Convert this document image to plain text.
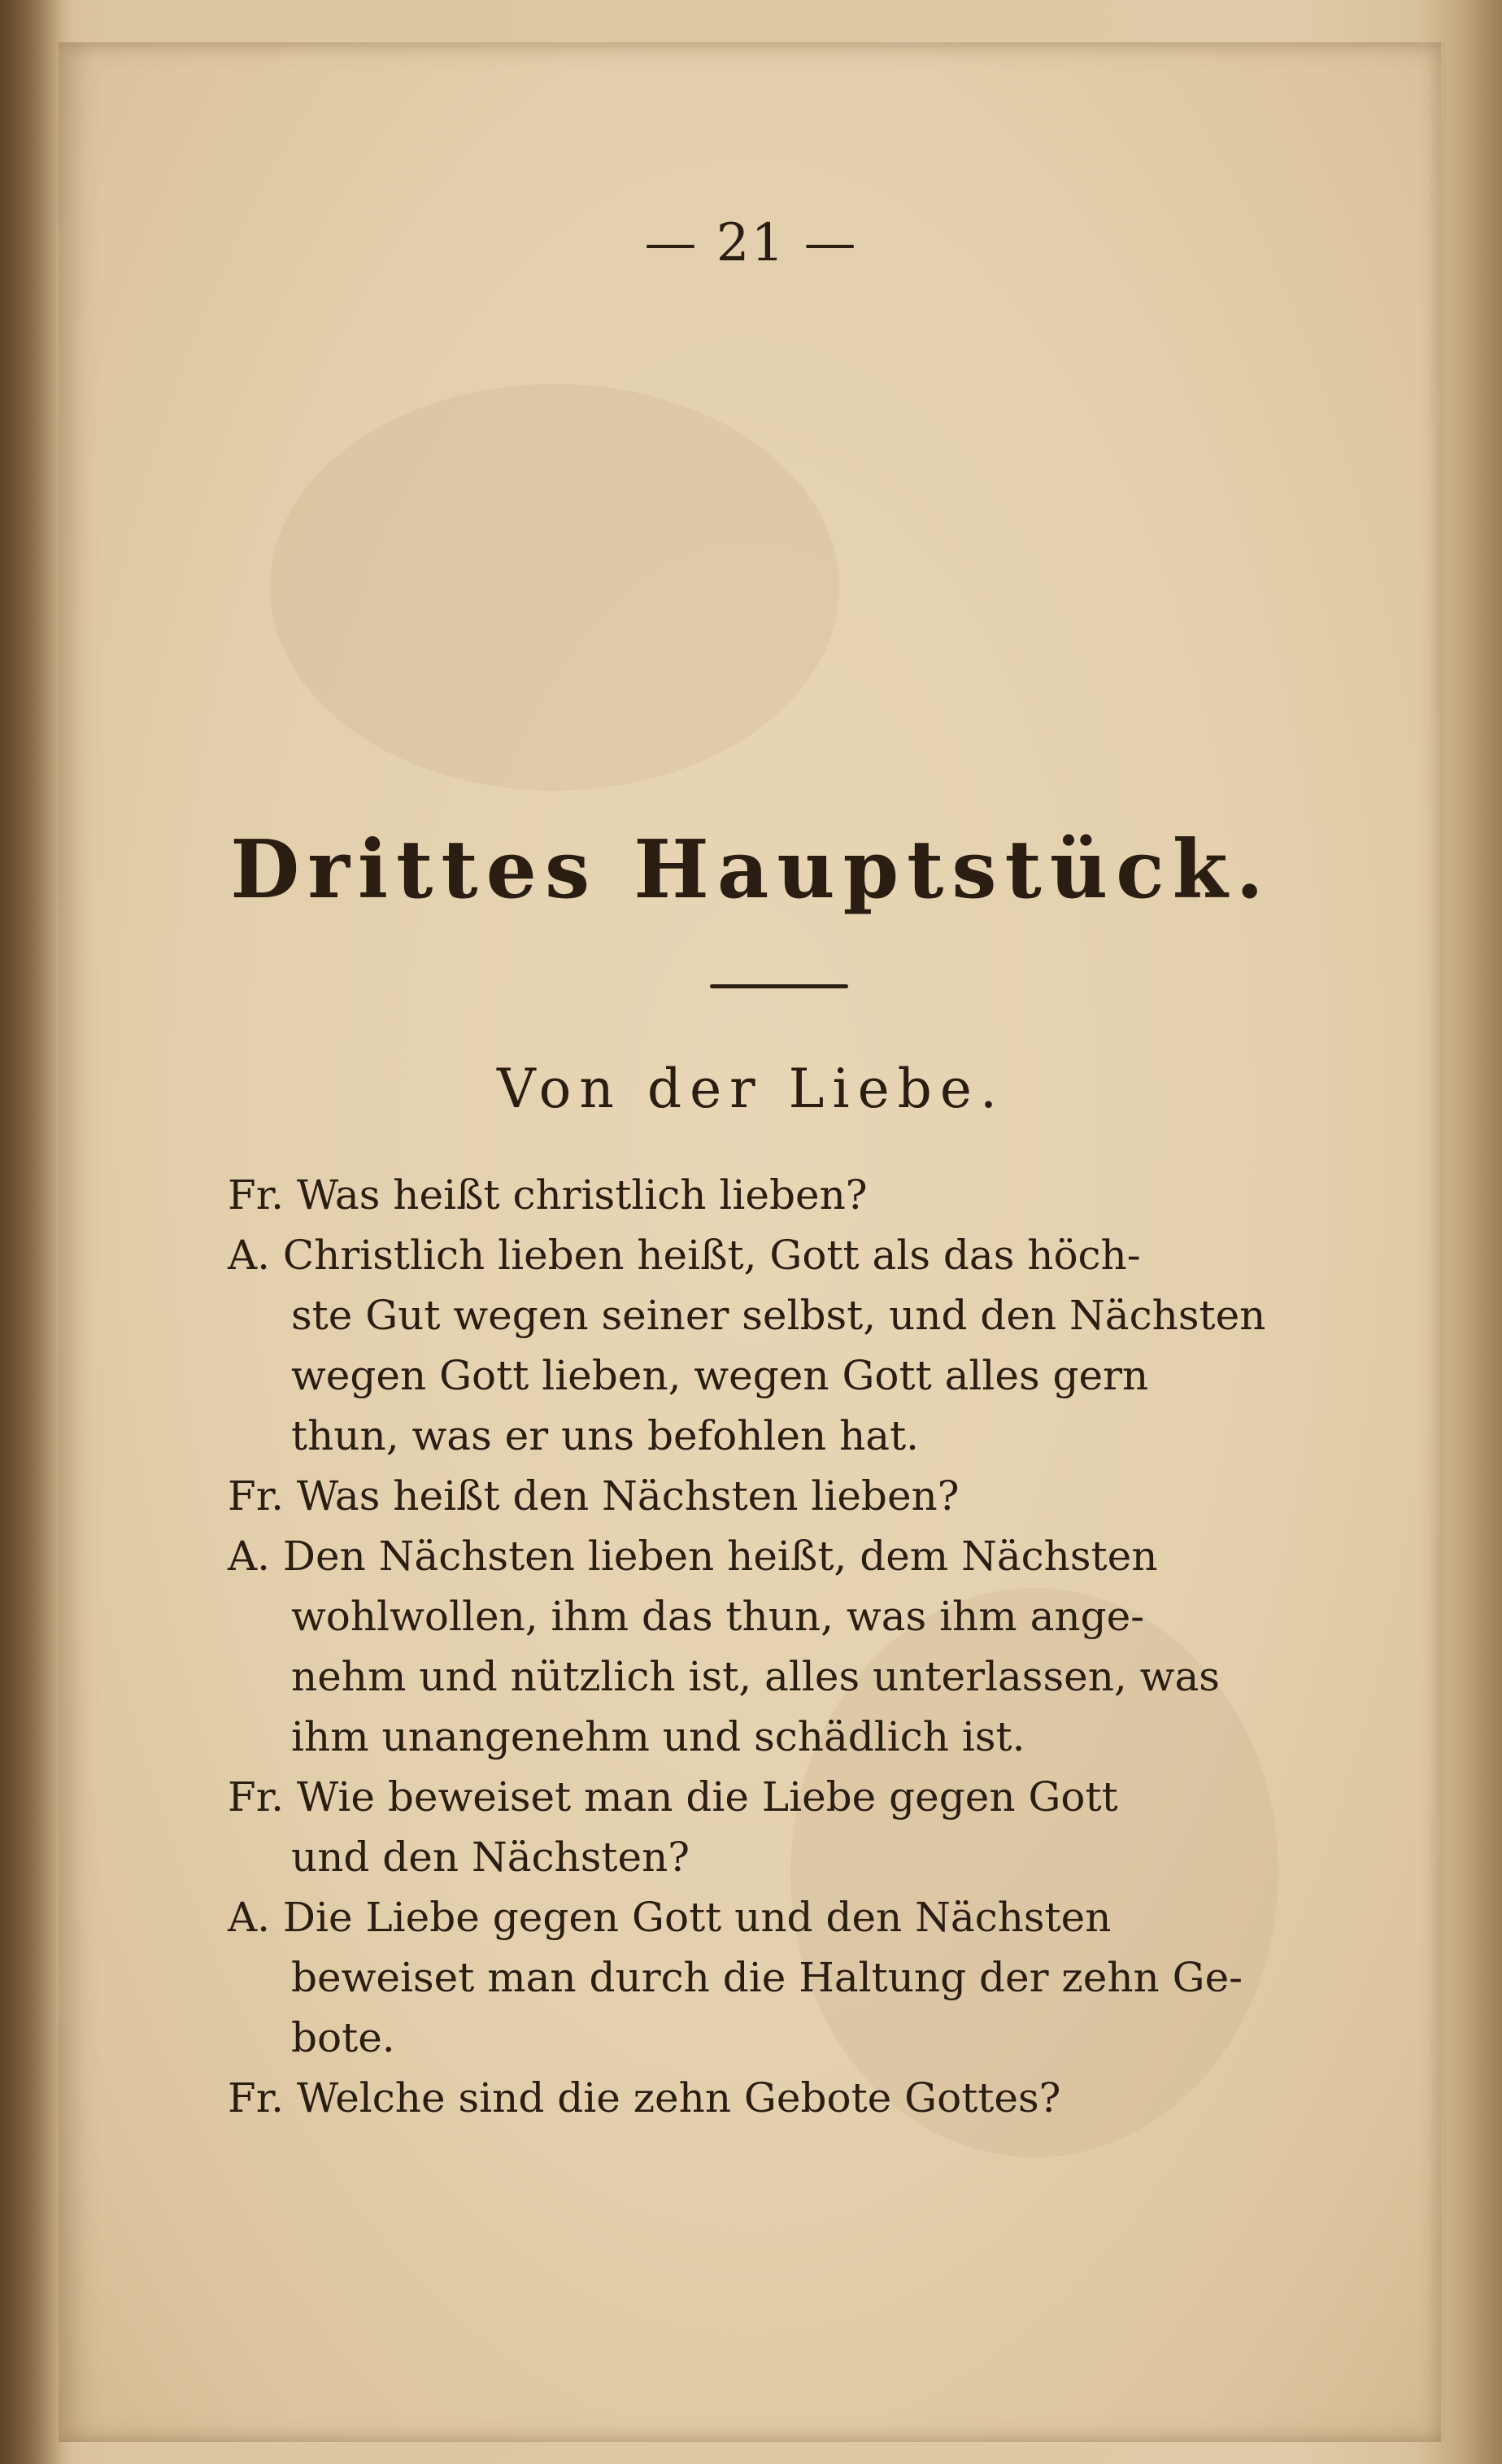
— 21 —
Drittes Hauptstück.
Von der Liebe.
Fr. Was heißt christlich lieben?
A. Christlich lieben heißt, Gott als das höch-
ste Gut wegen seiner selbst, und den Nächsten
wegen Gott lieben, wegen Gott alles gern
thun, was er uns befohlen hat.
Fr. Was heißt den Nächsten lieben?
A. Den Nächsten lieben heißt, dem Nächsten
wohlwollen, ihm das thun, was ihm ange-
nehm und nützlich ist, alles unterlassen, was
ihm unangenehm und schädlich ist.
Fr. Wie beweiset man die Liebe gegen Gott
und den Nächsten?
A. Die Liebe gegen Gott und den Nächsten
beweiset man durch die Haltung der zehn Ge-
bote.
Fr. Welche sind die zehn Gebote Gottes?
